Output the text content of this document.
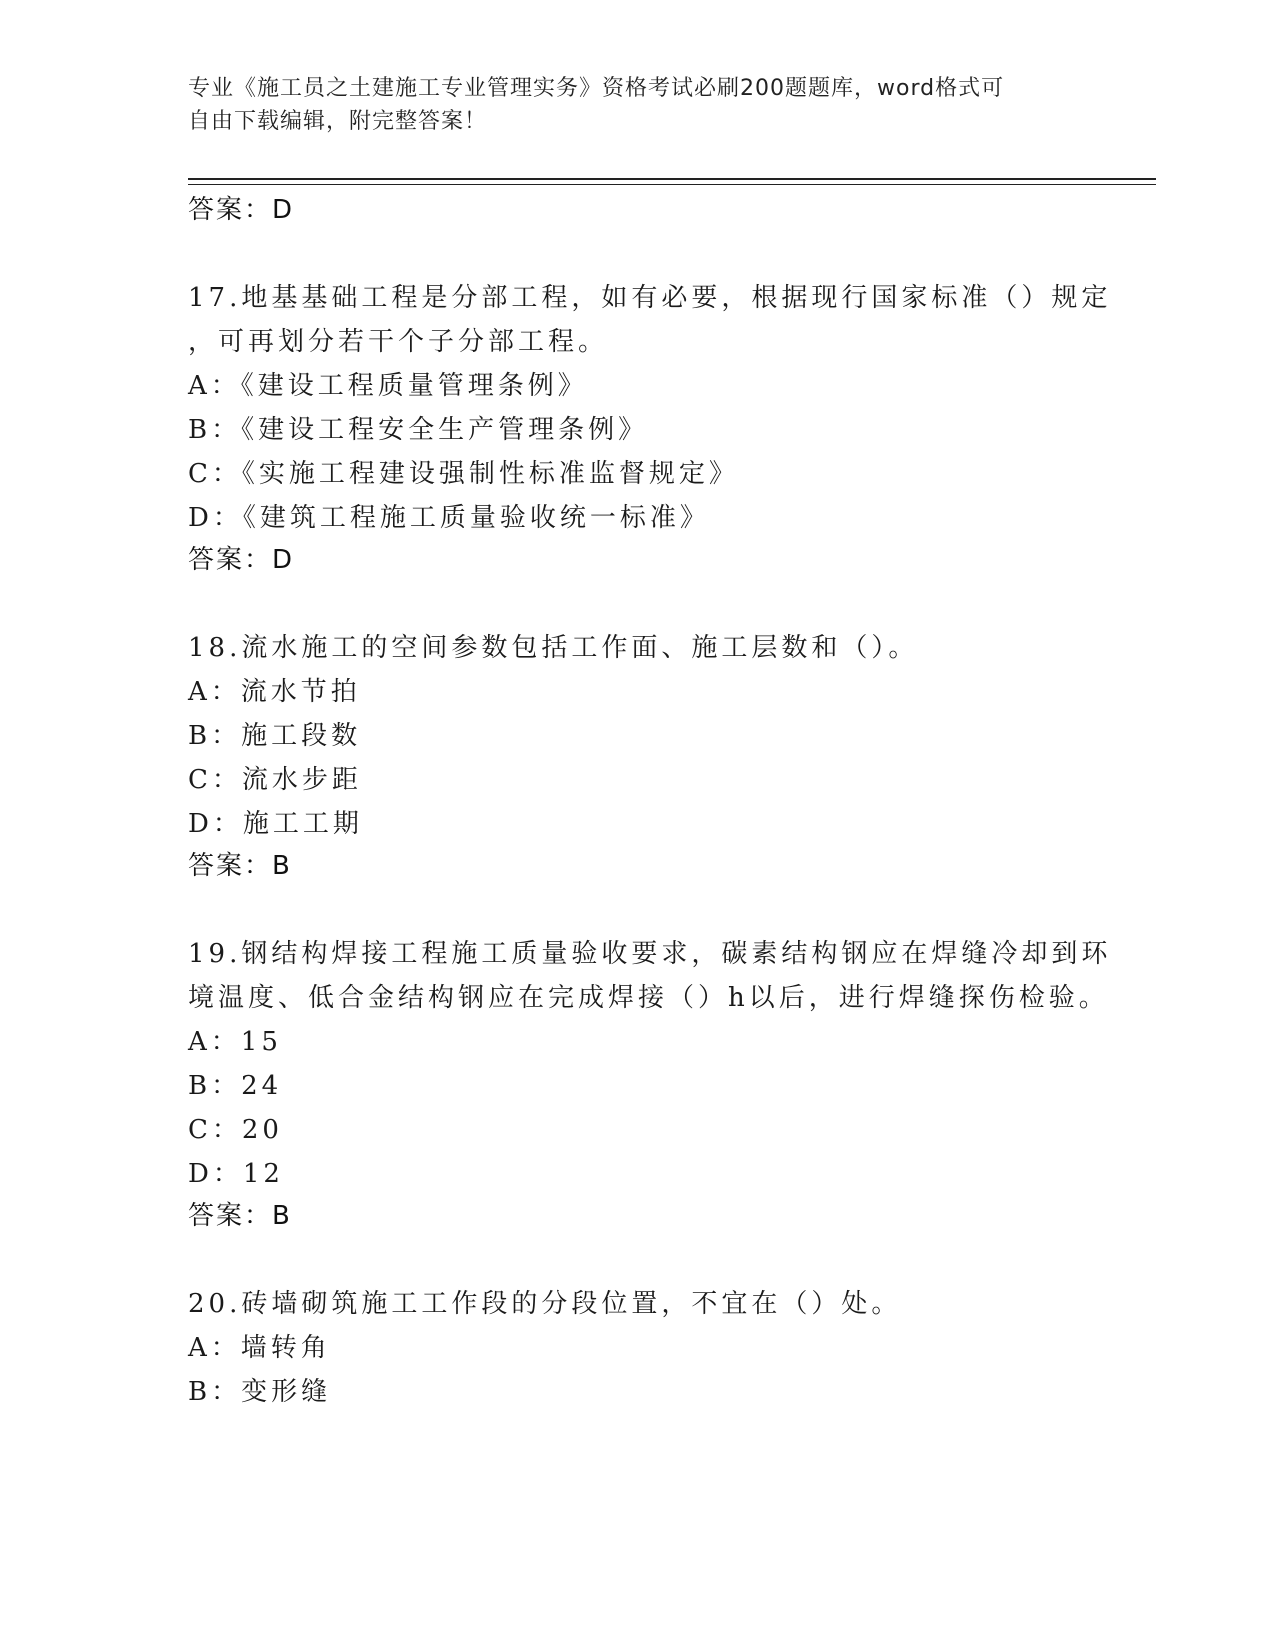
专业《施工员之土建施工专业管理实务》资格考试必刷200题题库，word格式可
自由下载编辑，附完整答案！
答案：D
17.地基基础工程是分部工程，如有必要，根据现行国家标准（）规定
，可再划分若干个子分部工程。
A：《建设工程质量管理条例》
B：《建设工程安全生产管理条例》
C：《实施工程建设强制性标准监督规定》
D：《建筑工程施工质量验收统一标准》
答案：D
18.流水施工的空间参数包括工作面、施工层数和（）。
A：流水节拍
B：施工段数
C：流水步距
D：施工工期
答案：B
19.钢结构焊接工程施工质量验收要求，碳素结构钢应在焊缝冷却到环
境温度、低合金结构钢应在完成焊接（）h以后，进行焊缝探伤检验。
A：15
B：24
C：20
D：12
答案：B
20.砖墙砌筑施工工作段的分段位置，不宜在（）处。
A：墙转角
B：变形缝
